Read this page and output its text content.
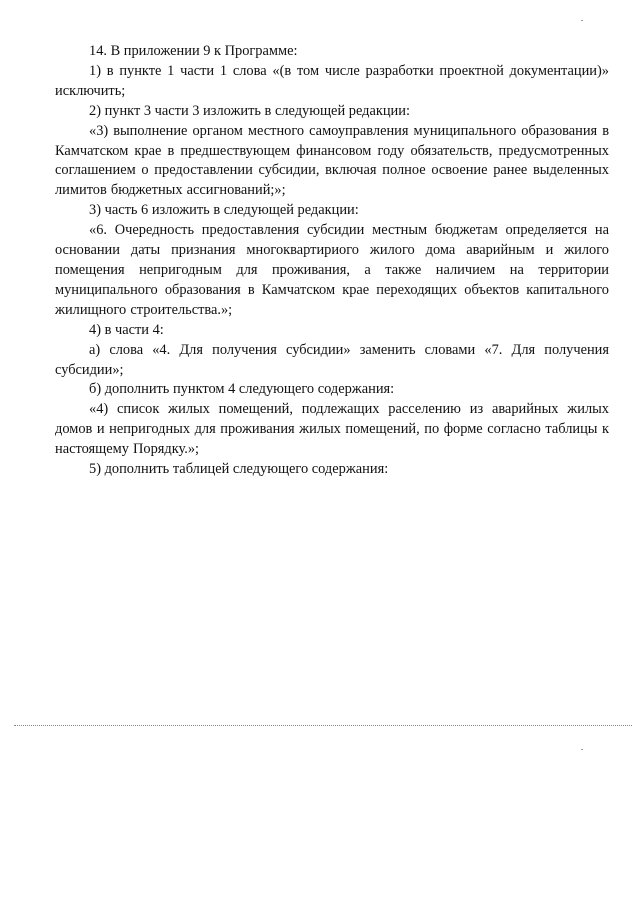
14. В приложении 9 к Программе:

1) в пункте 1 части 1 слова «(в том числе разработки проектной документации)» исключить;

2) пункт 3 части 3 изложить в следующей редакции:

«3) выполнение органом местного самоуправления муниципального образования в Камчатском крае в предшествующем финансовом году обязательств, предусмотренных соглашением о предоставлении субсидии, включая полное освоение ранее выделенных лимитов бюджетных ассигнований;»;

3) часть 6 изложить в следующей редакции:

«6. Очередность предоставления субсидии местным бюджетам определяется на основании даты признания многоквартириого жилого дома аварийным и жилого помещения непригодным для проживания, а также наличием на территории муниципального образования в Камчатском крае переходящих объектов капитального жилищного строительства.»;

4) в части 4:

а) слова «4. Для получения субсидии» заменить словами «7. Для получения субсидии»;

б) дополнить пунктом 4 следующего содержания:

«4) список жилых помещений, подлежащих расселению из аварийных жилых домов и непригодных для проживания жилых помещений, по форме согласно таблицы к настоящему Порядку.»;

5) дополнить таблицей следующего содержания:
